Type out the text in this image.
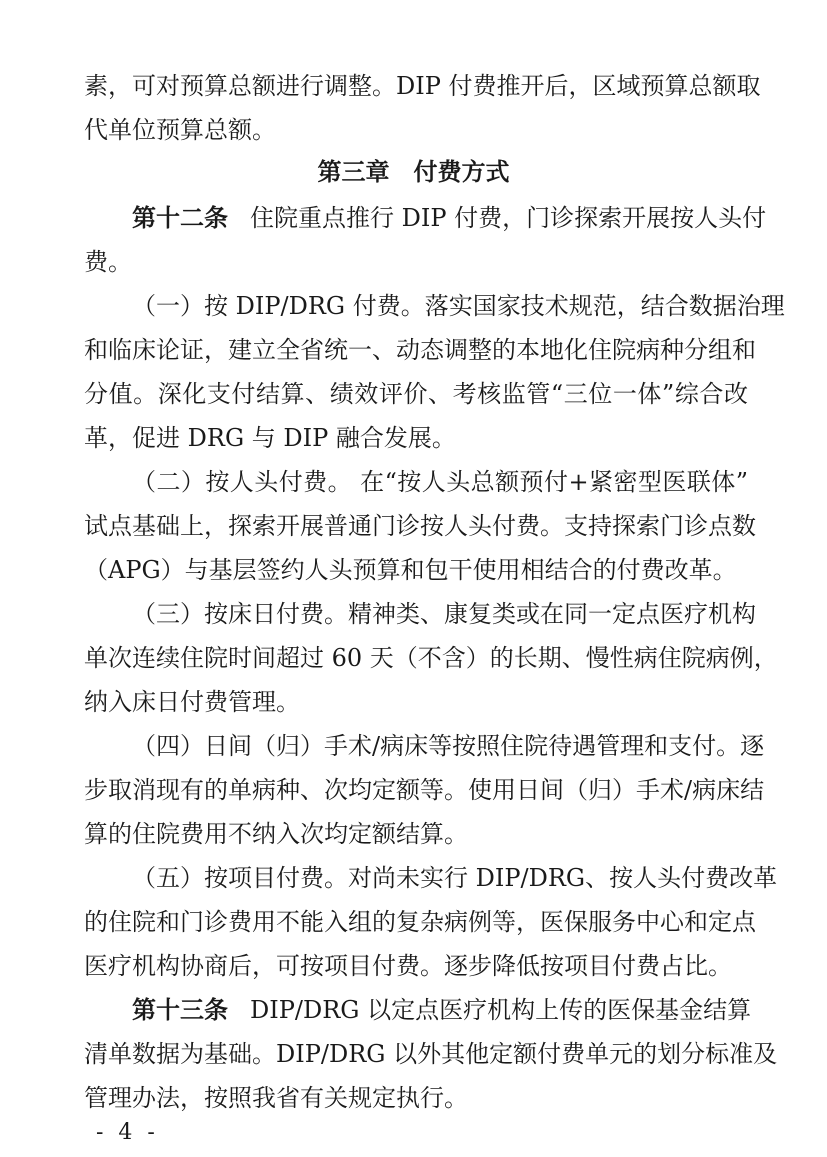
素，可对预算总额进行调整。DIP 付费推开后，区域预算总额取
代单位预算总额。
第三章 付费方式
第十二条 住院重点推行 DIP 付费，门诊探索开展按人头付
费。
（一）按 DIP/DRG 付费。落实国家技术规范，结合数据治理
和临床论证，建立全省统一、动态调整的本地化住院病种分组和
分值。深化支付结算、绩效评价、考核监管“三位一体”综合改
革，促进 DRG 与 DIP 融合发展。
（二）按人头付费。 在“按人头总额预付+紧密型医联体”
试点基础上，探索开展普通门诊按人头付费。支持探索门诊点数
（APG）与基层签约人头预算和包干使用相结合的付费改革。
（三）按床日付费。精神类、康复类或在同一定点医疗机构
单次连续住院时间超过 60 天（不含）的长期、慢性病住院病例，
纳入床日付费管理。
（四）日间（归）手术/病床等按照住院待遇管理和支付。逐
步取消现有的单病种、次均定额等。使用日间（归）手术/病床结
算的住院费用不纳入次均定额结算。
（五）按项目付费。对尚未实行 DIP/DRG、按人头付费改革
的住院和门诊费用不能入组的复杂病例等，医保服务中心和定点
医疗机构协商后，可按项目付费。逐步降低按项目付费占比。
第十三条 DIP/DRG 以定点医疗机构上传的医保基金结算
清单数据为基础。DIP/DRG 以外其他定额付费单元的划分标准及
管理办法，按照我省有关规定执行。
- 4 -
